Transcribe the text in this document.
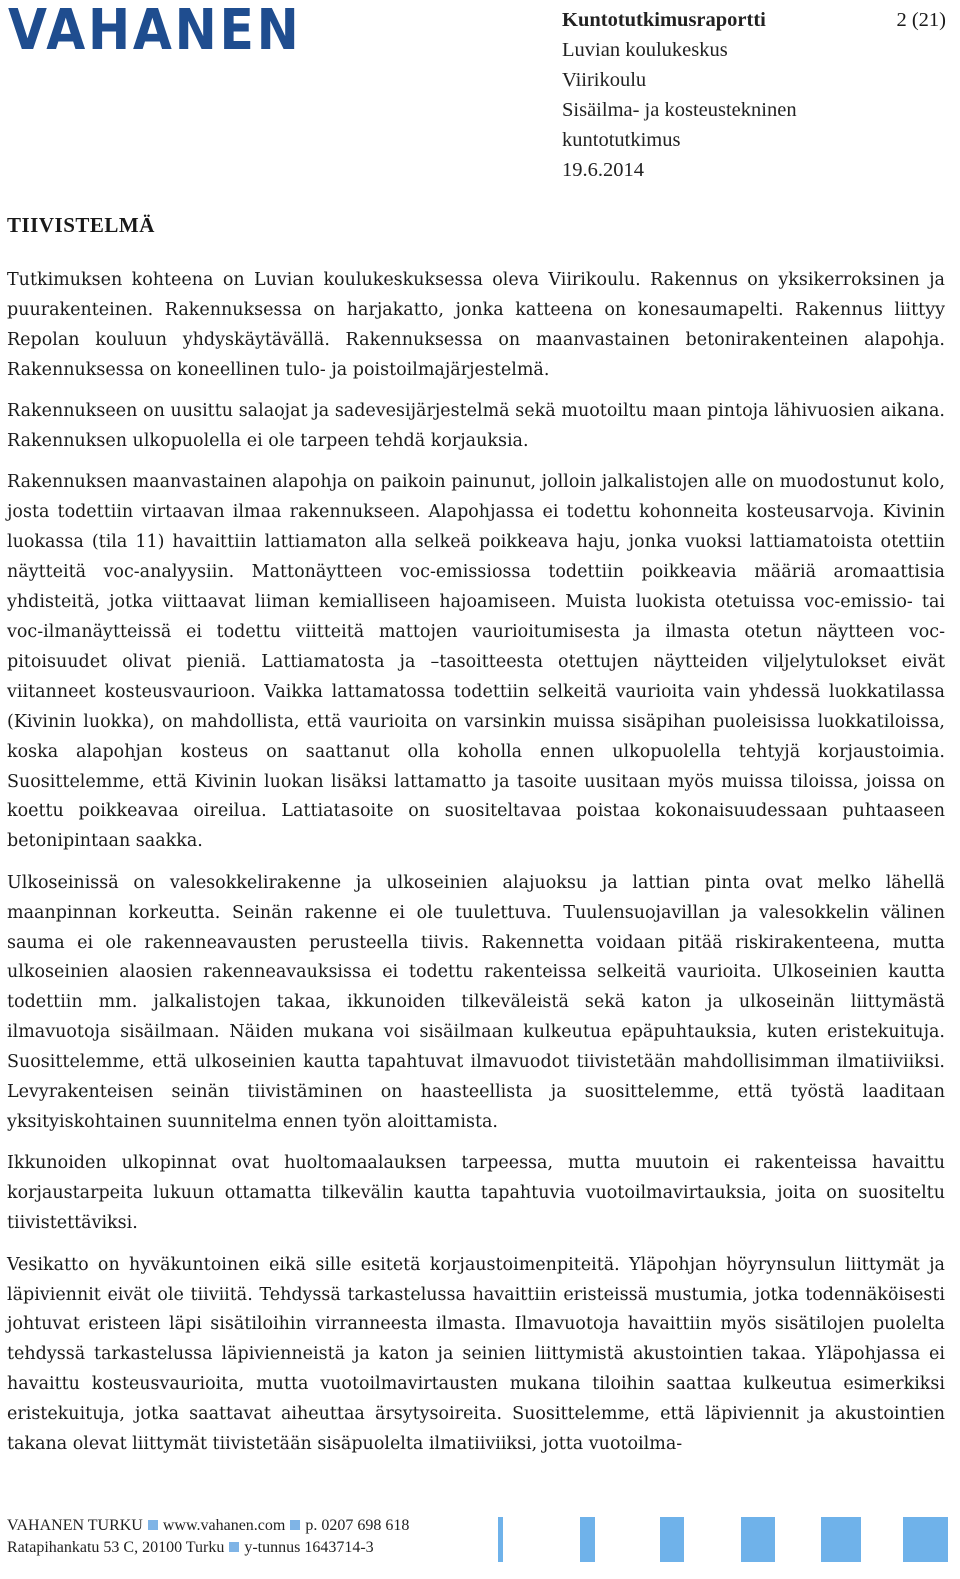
VAHANEN	Kuntotutkimusraportti
Luvian koulukeskus
Viirikoulu
Sisäilma- ja kosteustekninen
kuntotutkimus
19.6.2014
2 (21)
TIIVISTELMÄ

Tutkimuksen kohteena on Luvian koulukeskuksessa oleva Viirikoulu. Rakennus on yksikerroksinen ja puurakenteinen. Rakennuksessa on harjakatto, jonka katteena on konesaumapelti. Rakennus liittyy Repolan kouluun yhdyskäytävällä. Rakennuksessa on maanvastainen betonirakenteinen alapohja. Rakennuksessa on koneellinen tulo- ja poistoilmajärjestelmä.

Rakennukseen on uusittu salaojat ja sadevesijärjestelmä sekä muotoiltu maan pintoja lähivuosien aikana. Rakennuksen ulkopuolella ei ole tarpeen tehdä korjauksia.

Rakennuksen maanvastainen alapohja on paikoin painunut, jolloin jalkalistojen alle on muodostunut kolo, josta todettiin virtaavan ilmaa rakennukseen. Alapohjassa ei todettu kohonneita kosteusarvoja. Kivinin luokassa (tila 11) havaittiin lattiamaton alla selkeä poikkeava haju, jonka vuoksi lattiamatoista otettiin näytteitä voc-analyysiin. Mattonäytteen voc-emissiossa todettiin poikkeavia määriä aromaattisia yhdisteitä, jotka viittaavat liiman kemialliseen hajoamiseen. Muista luokista otetuissa voc-emissio- tai voc-ilmanäytteissä ei todettu viitteitä mattojen vaurioitumisesta ja ilmasta otetun näytteen voc-pitoisuudet olivat pieniä. Lattiamatosta ja –tasoitteesta otettujen näytteiden viljelytulokset eivät viitanneet kosteusvaurioon. Vaikka lattamatossa todettiin selkeitä vaurioita vain yhdessä luokkatilassa (Kivinin luokka), on mahdollista, että vaurioita on varsinkin muissa sisäpihan puoleisissa luokkatiloissa, koska alapohjan kosteus on saattanut olla koholla ennen ulkopuolella tehtyjä korjaustoimia. Suosittelemme, että Kivinin luokan lisäksi lattamatto ja tasoite uusitaan myös muissa tiloissa, joissa on koettu poikkeavaa oireilua. Lattiatasoite on suositeltavaa poistaa kokonaisuudessaan puhtaaseen betonipintaan saakka.

Ulkoseinissä on valesokkelirakenne ja ulkoseinien alajuoksu ja lattian pinta ovat melko lähellä maanpinnan korkeutta. Seinän rakenne ei ole tuulettuva. Tuulensuojavillan ja valesokkelin välinen sauma ei ole rakenneavausten perusteella tiivis. Rakennetta voidaan pitää riskirakenteena, mutta ulkoseinien alaosien rakenneavauksissa ei todettu rakenteissa selkeitä vaurioita. Ulkoseinien kautta todettiin mm. jalkalistojen takaa, ikkunoiden tilkeväleistä sekä katon ja ulkoseinän liittymästä ilmavuotoja sisäilmaan. Näiden mukana voi sisäilmaan kulkeutua epäpuhtauksia, kuten eristekuituja. Suosittelemme, että ulkoseinien kautta tapahtuvat ilmavuodot tiivistetään mahdollisimman ilmatiiviiksi. Levyrakenteisen seinän tiivistäminen on haasteellista ja suosittelemme, että työstä laaditaan yksityiskohtainen suunnitelma ennen työn aloittamista.

Ikkunoiden ulkopinnat ovat huoltomaalauksen tarpeessa, mutta muutoin ei rakenteissa havaittu korjaustarpeita lukuun ottamatta tilkevälin kautta tapahtuvia vuotoilmavirtauksia, joita on suositeltu tiivistettäviksi.

Vesikatto on hyväkuntoinen eikä sille esitetä korjaustoimenpiteitä. Yläpohjan höyrynsulun liittymät ja läpiviennit eivät ole tiiviitä. Tehdyssä tarkastelussa havaittiin eristeissä mustumia, jotka todennäköisesti johtuvat eristeen läpi sisätiloihin virranneesta ilmasta. Ilmavuotoja havaittiin myös sisätilojen puolelta tehdyssä tarkastelussa läpivienneistä ja katon ja seinien liittymistä akustointien takaa. Yläpohjassa ei havaittu kosteusvaurioita, mutta vuotoilmavirtausten mukana tiloihin saattaa kulkeutua esimerkiksi eristekuituja, jotka saattavat aiheuttaa ärsytysoireita. Suosittelemme, että läpiviennit ja akustointien takana olevat liittymät tiivistetään sisäpuolelta ilmatiiviiksi, jotta vuotoilma-

VAHANEN TURKU www.vahanen.com p. 0207 698 618
Ratapihankatu 53 C, 20100 Turku y-tunnus 1643714-3
